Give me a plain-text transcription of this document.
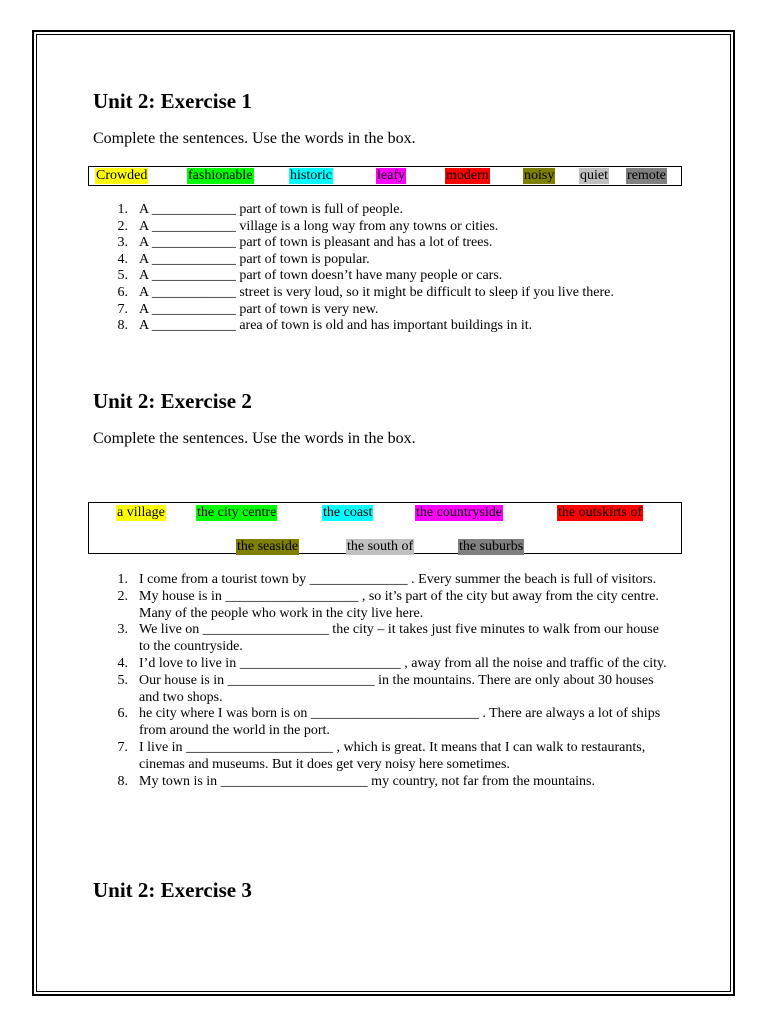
Unit 2: Exercise 1
Complete the sentences. Use the words in the box.
Crowded	fashionable	historic	leafy	modern	noisy quiet remote
1. A ____________ part of town is full of people.
2. A ____________ village is a long way from any towns or cities.
3. A ____________ part of town is pleasant and has a lot of trees.
4. A ____________ part of town is popular.
5. A ____________ part of town doesn’t have many people or cars.
6. A ____________ street is very loud, so it might be difficult to sleep if you live there.
7. A ____________ part of town is very new.
8. A ____________ area of town is old and has important buildings in it.
Unit 2: Exercise 2
Complete the sentences. Use the words in the box.
a village the city centre	the coast	the countryside	the outskirts of
the seaside	the south of	the suburbs
1. I come from a tourist town by ______________ . Every summer the beach is full of visitors.
2. My house is in ___________________ , so it’s part of the city but away from the city centre. Many of the people who work in the city live here.
3. We live on __________________ the city – it takes just five minutes to walk from our house to the countryside.
4. I’d love to live in _______________________ , away from all the noise and traffic of the city.
5. Our house is in _____________________ in the mountains. There are only about 30 houses and two shops.
6. he city where I was born is on ________________________ . There are always a lot of ships from around the world in the port.
7. I live in _____________________ , which is great. It means that I can walk to restaurants, cinemas and museums. But it does get very noisy here sometimes.
8. My town is in _____________________ my country, not far from the mountains.
Unit 2: Exercise 3
